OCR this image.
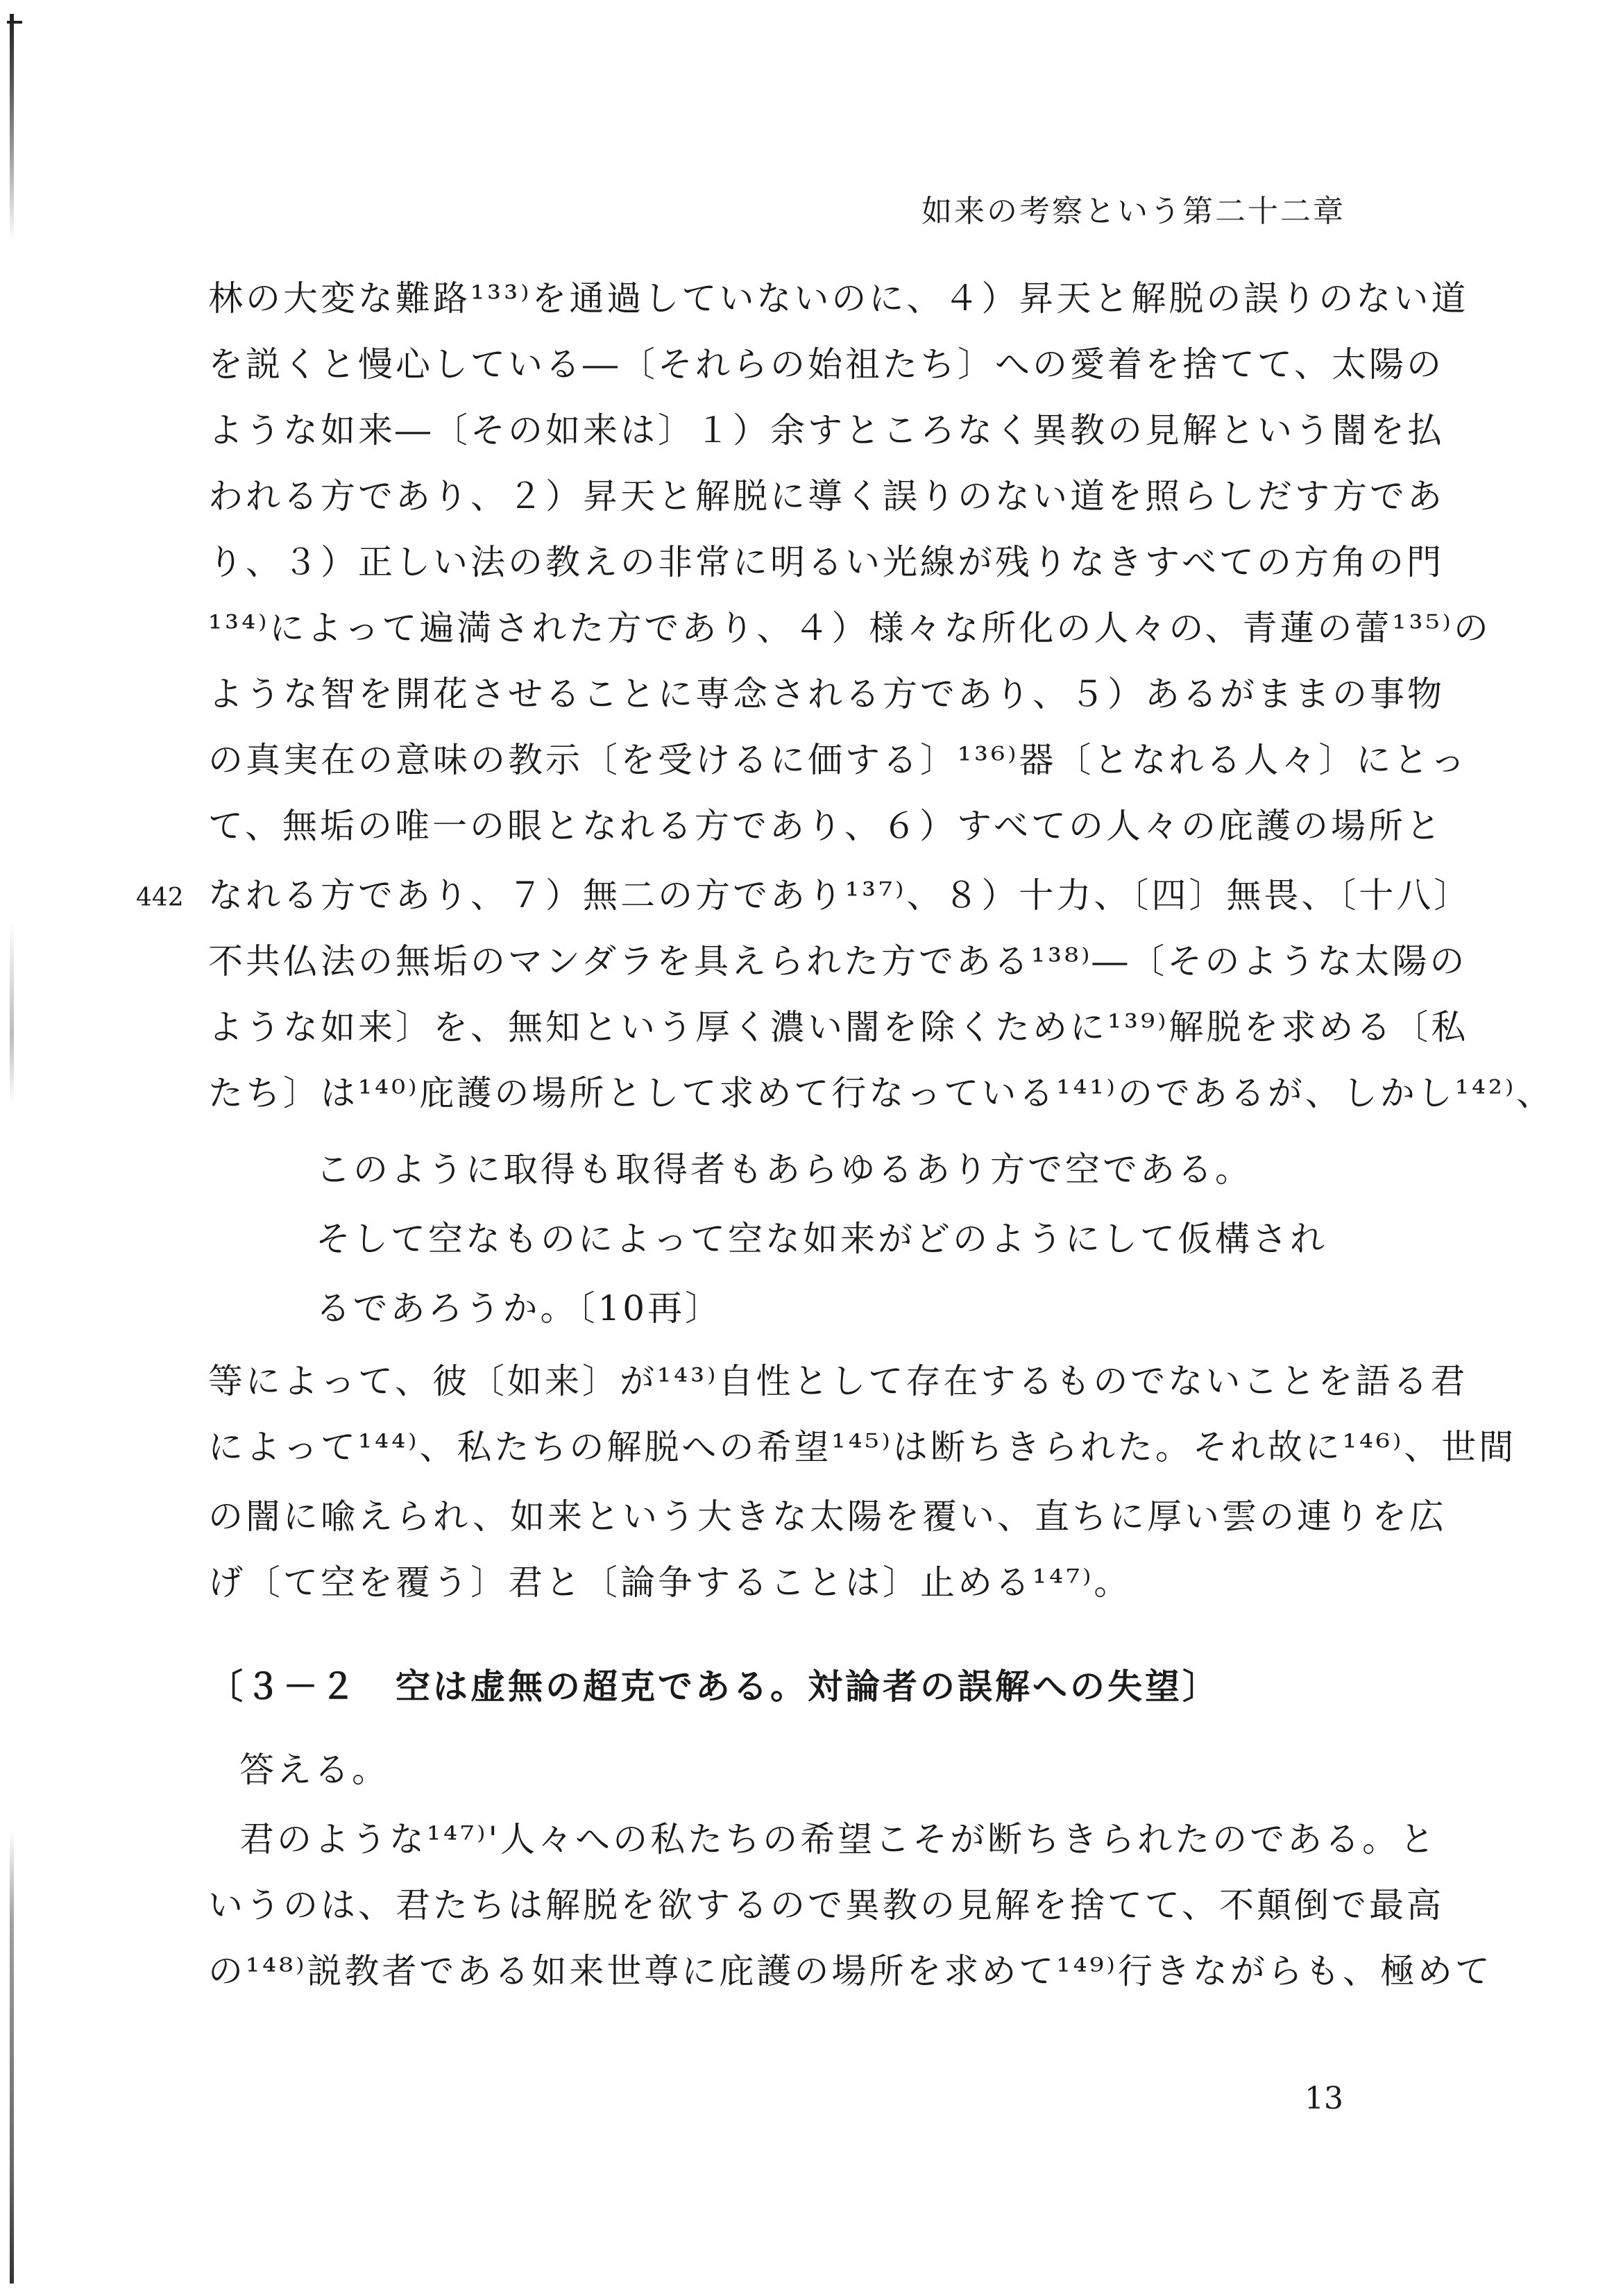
如来の考察という第二十二章
442
林の大変な難路¹³³⁾を通過していないのに、４）昇天と解脱の誤りのない道
を説くと慢心している―〔それらの始祖たち〕への愛着を捨てて、太陽の
ような如来―〔その如来は〕１）余すところなく異教の見解という闇を払
われる方であり、２）昇天と解脱に導く誤りのない道を照らしだす方であ
り、３）正しい法の教えの非常に明るい光線が残りなきすべての方角の門
¹³⁴⁾によって遍満された方であり、４）様々な所化の人々の、青蓮の蕾¹³⁵⁾の
ような智を開花させることに専念される方であり、５）あるがままの事物
の真実在の意味の教示〔を受けるに価する〕¹³⁶⁾器〔となれる人々〕にとっ
て、無垢の唯一の眼となれる方であり、６）すべての人々の庇護の場所と
なれる方であり、７）無二の方であり¹³⁷⁾、８）十力、〔四〕無畏、〔十八〕
不共仏法の無垢のマンダラを具えられた方である¹³⁸⁾―〔そのような太陽の
ような如来〕を、無知という厚く濃い闇を除くために¹³⁹⁾解脱を求める〔私
たち〕は¹⁴⁰⁾庇護の場所として求めて行なっている¹⁴¹⁾のであるが、しかし¹⁴²⁾、
このように取得も取得者もあらゆるあり方で空である。
そして空なものによって空な如来がどのようにして仮構され
るであろうか。〔10再〕
等によって、彼〔如来〕が¹⁴³⁾自性として存在するものでないことを語る君
によって¹⁴⁴⁾、私たちの解脱への希望¹⁴⁵⁾は断ちきられた。それ故に¹⁴⁶⁾、世間
の闇に喩えられ、如来という大きな太陽を覆い、直ちに厚い雲の連りを広
げ〔て空を覆う〕君と〔論争することは〕止める¹⁴⁷⁾。
〔３－２　空は虚無の超克である。対論者の誤解への失望〕
答える。
君のような¹⁴⁷⁾'人々への私たちの希望こそが断ちきられたのである。と
いうのは、君たちは解脱を欲するので異教の見解を捨てて、不顛倒で最高
の¹⁴⁸⁾説教者である如来世尊に庇護の場所を求めて¹⁴⁹⁾行きながらも、極めて
13
